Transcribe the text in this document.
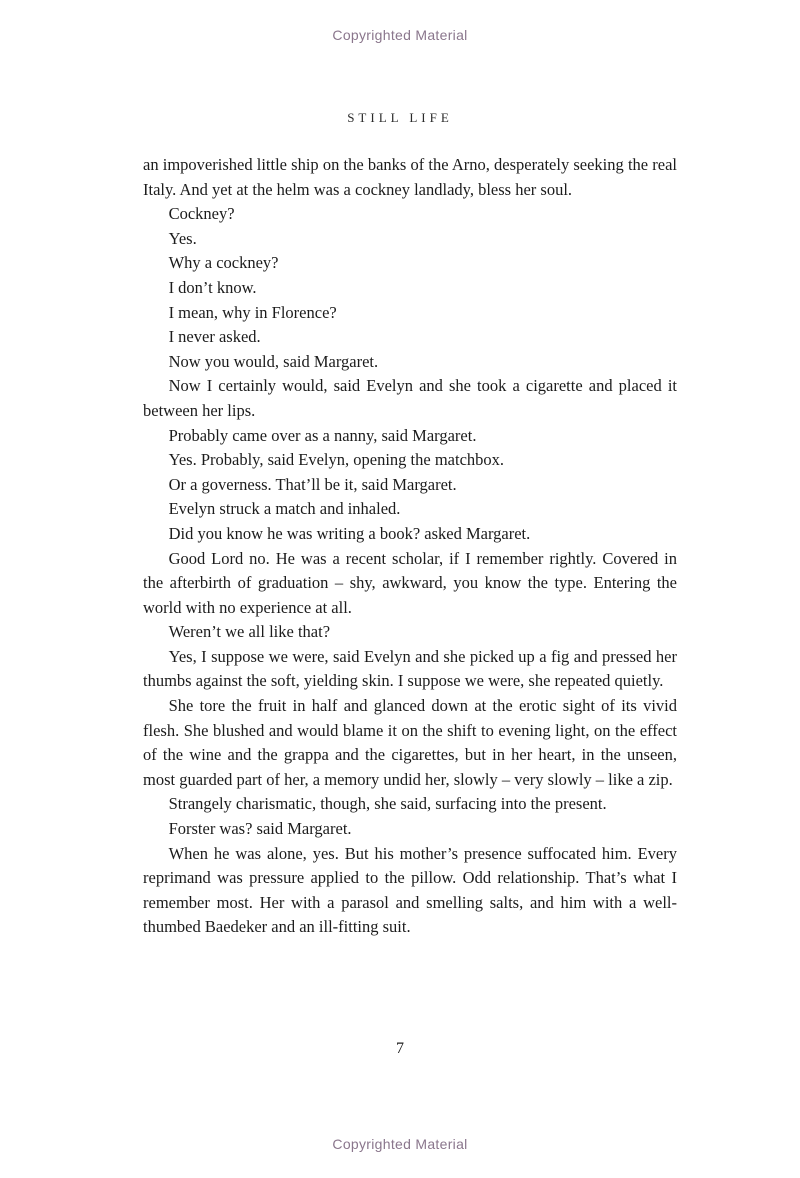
Copyrighted Material
STILL LIFE

an impoverished little ship on the banks of the Arno, desperately seeking the real Italy. And yet at the helm was a cockney landlady, bless her soul.

Cockney?

Yes.

Why a cockney?

I don’t know.

I mean, why in Florence?

I never asked.

Now you would, said Margaret.

Now I certainly would, said Evelyn and she took a cigarette and placed it between her lips.

Probably came over as a nanny, said Margaret.

Yes. Probably, said Evelyn, opening the matchbox.

Or a governess. That’ll be it, said Margaret.

Evelyn struck a match and inhaled.

Did you know he was writing a book? asked Margaret.

Good Lord no. He was a recent scholar, if I remember rightly. Covered in the afterbirth of graduation – shy, awkward, you know the type. Entering the world with no experience at all.

Weren’t we all like that?

Yes, I suppose we were, said Evelyn and she picked up a fig and pressed her thumbs against the soft, yielding skin. I suppose we were, she repeated quietly.

She tore the fruit in half and glanced down at the erotic sight of its vivid flesh. She blushed and would blame it on the shift to evening light, on the effect of the wine and the grappa and the cigarettes, but in her heart, in the unseen, most guarded part of her, a memory undid her, slowly – very slowly – like a zip.

Strangely charismatic, though, she said, surfacing into the present.

Forster was? said Margaret.

When he was alone, yes. But his mother’s presence suffocated him. Every reprimand was pressure applied to the pillow. Odd relationship. That’s what I remember most. Her with a parasol and smelling salts, and him with a well-thumbed Baedeker and an ill-fitting suit.

7
Copyrighted Material
